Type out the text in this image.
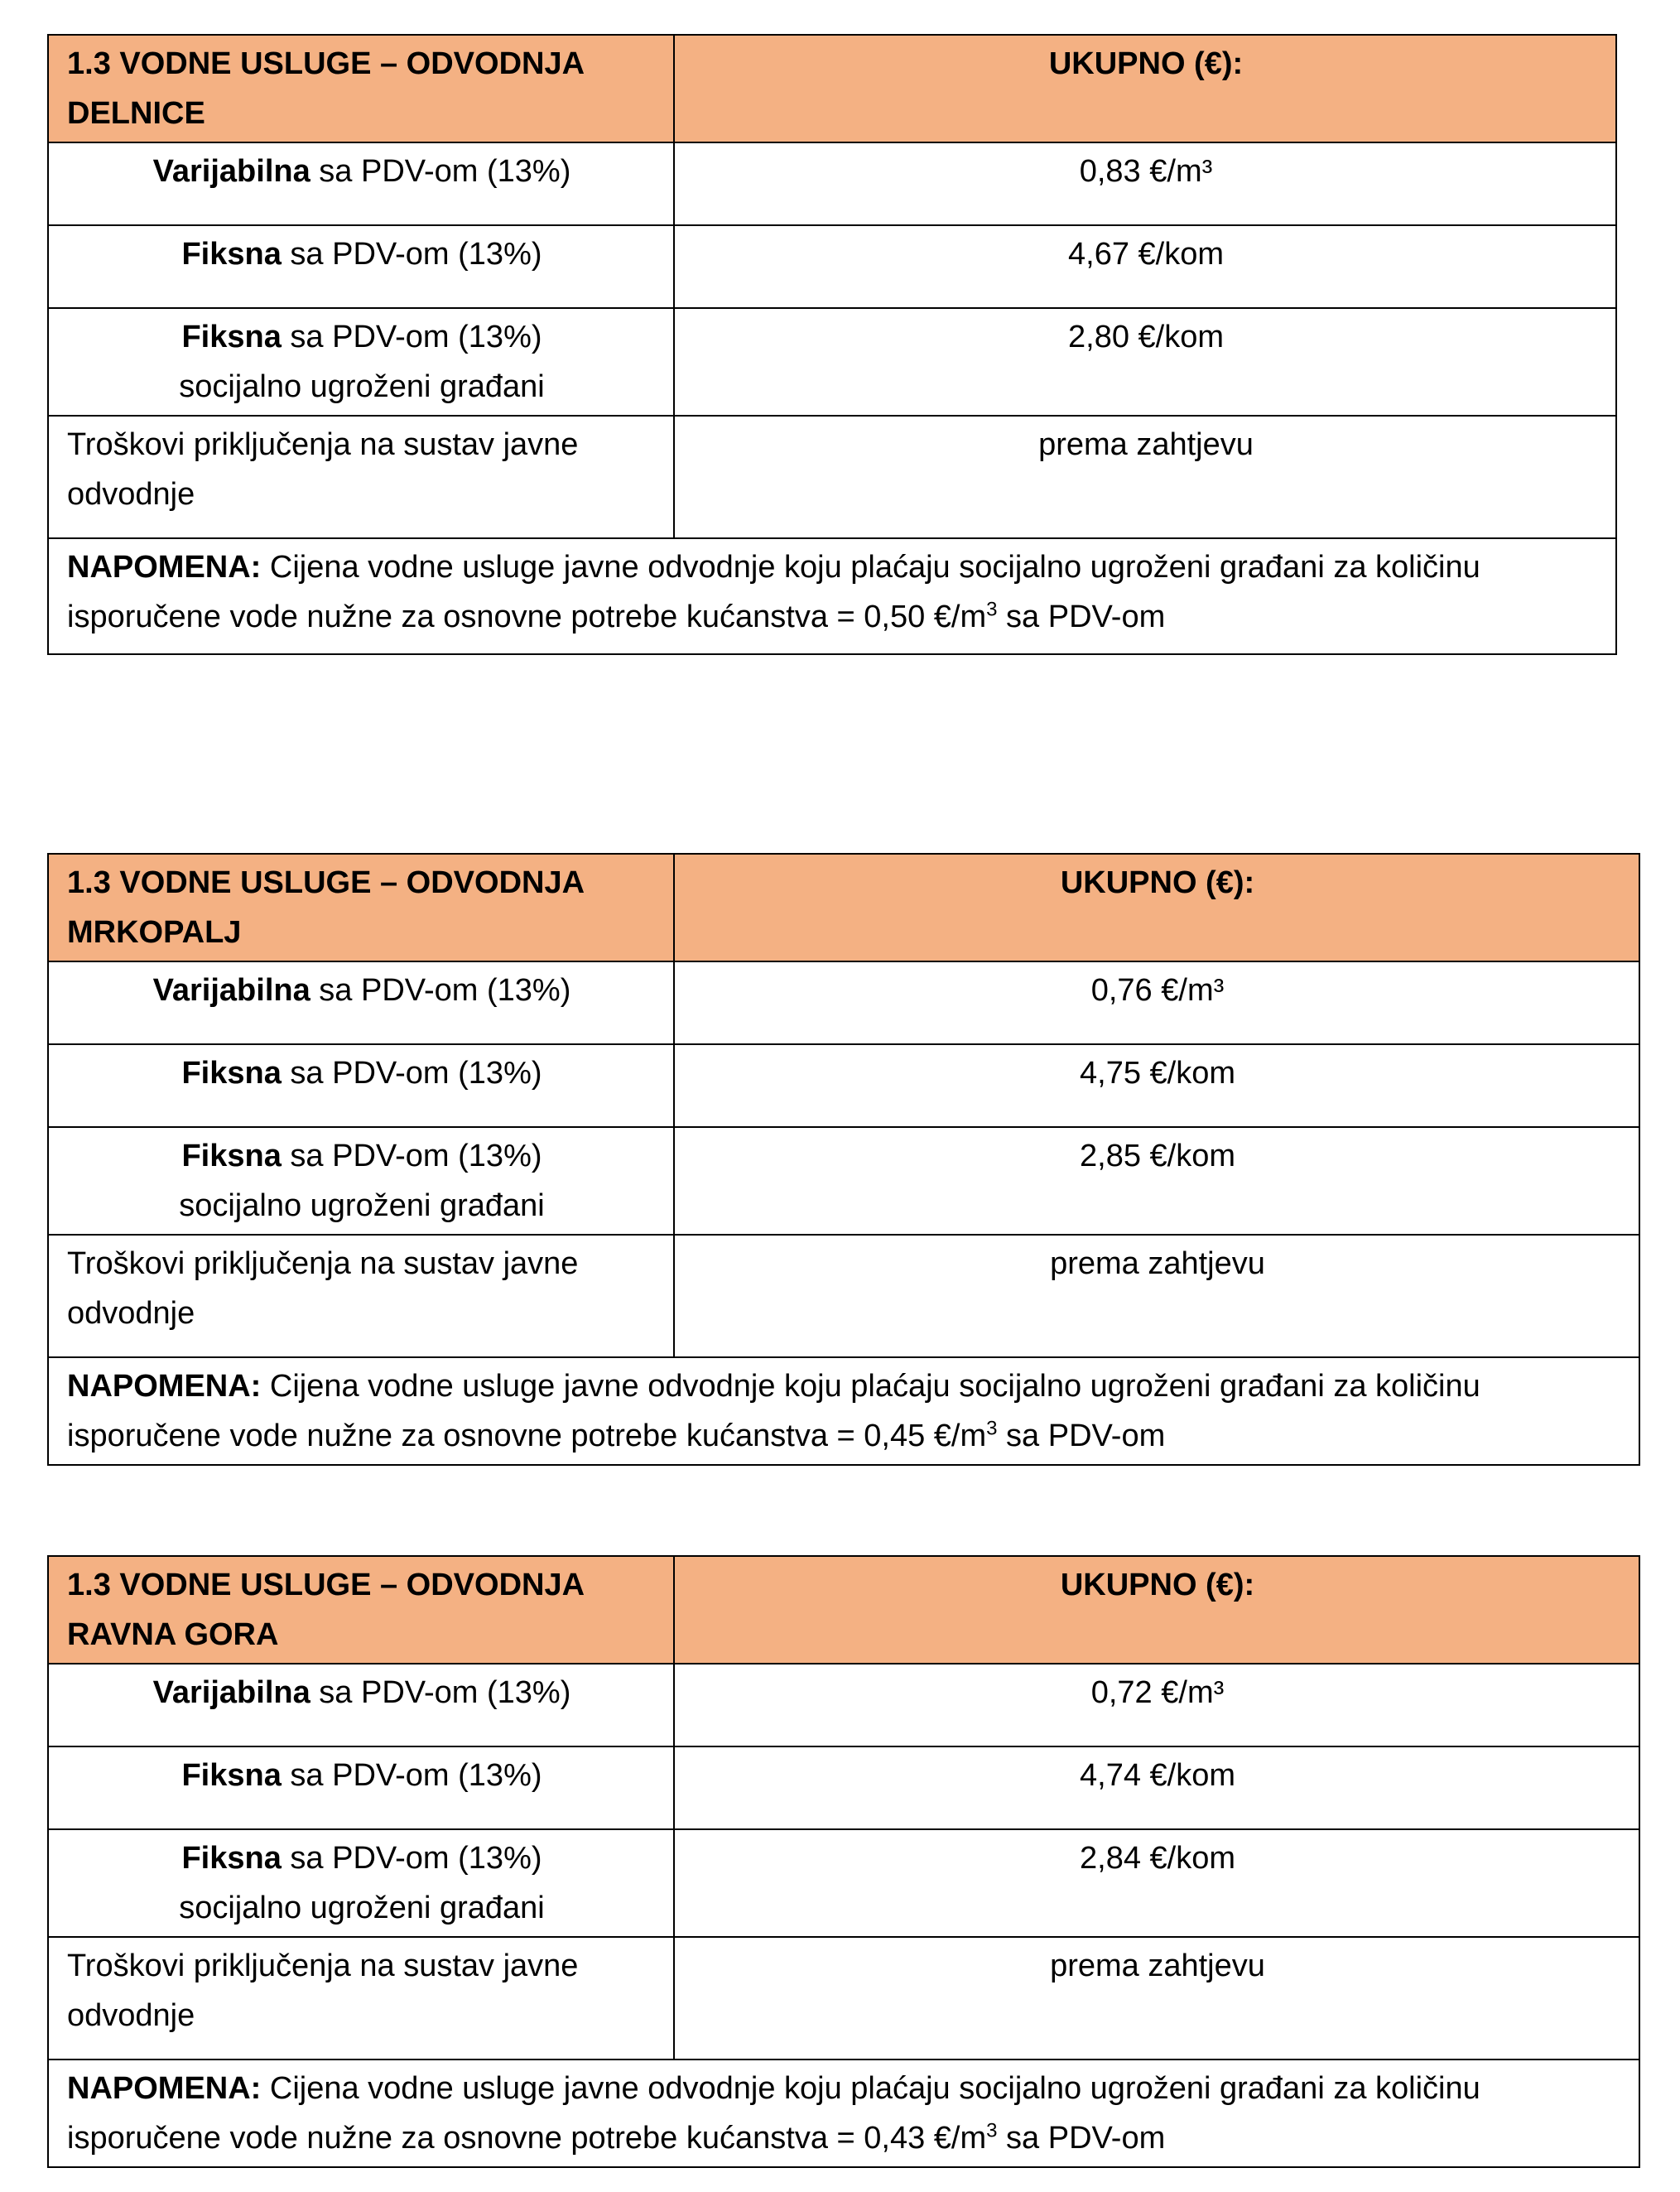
1.3 VODNE USLUGE – ODVODNJA
DELNICE	UKUPNO (€):
Varijabilna sa PDV-om (13%)	0,83 €/m³
Fiksna sa PDV-om (13%)	4,67 €/kom
Fiksna sa PDV-om (13%)
socijalno ugroženi građani	2,80 €/kom
Troškovi priključenja na sustav javne odvodnje	prema zahtjevu
NAPOMENA: Cijena vodne usluge javne odvodnje koju plaćaju socijalno ugroženi građani za količinu isporučene vode nužne za osnovne potrebe kućanstva = 0,50 $€/m^3$ sa PDV-om	
1.3 VODNE USLUGE – ODVODNJA
MRKOPALJ	UKUPNO (€):
Varijabilna sa PDV-om (13%)	0,76 €/m³
Fiksna sa PDV-om (13%)	4,75 €/kom
Fiksna sa PDV-om (13%)
socijalno ugroženi građani	2,85 €/kom
Troškovi priključenja na sustav javne odvodnje	prema zahtjevu
NAPOMENA: Cijena vodne usluge javne odvodnje koju plaćaju socijalno ugroženi građani za količinu isporučene vode nužne za osnovne potrebe kućanstva = 0,45 $€/m^3$ sa PDV-om	
1.3 VODNE USLUGE – ODVODNJA
RAVNA GORA	UKUPNO (€):
Varijabilna sa PDV-om (13%)	0,72 €/m³
Fiksna sa PDV-om (13%)	4,74 €/kom
Fiksna sa PDV-om (13%)
socijalno ugroženi građani	2,84 €/kom
Troškovi priključenja na sustav javne odvodnje	prema zahtjevu
NAPOMENA: Cijena vodne usluge javne odvodnje koju plaćaju socijalno ugroženi građani za količinu isporučene vode nužne za osnovne potrebe kućanstva = 0,43 $€/m^3$ sa PDV-om	
